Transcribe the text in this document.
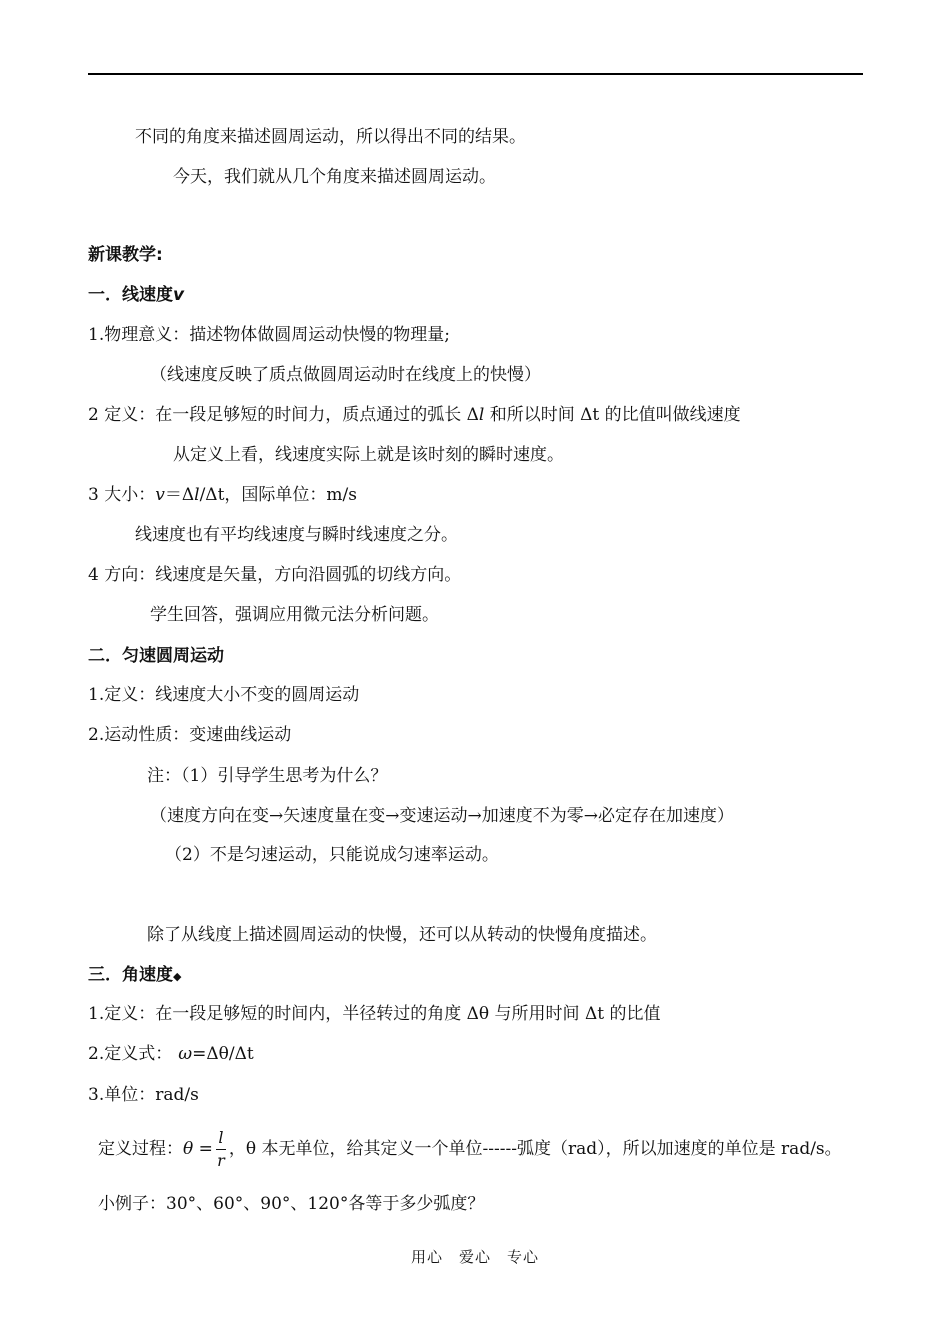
不同的角度来描述圆周运动，所以得出不同的结果。
今天，我们就从几个角度来描述圆周运动。
新课教学:
一．线速度v
1.物理意义：描述物体做圆周运动快慢的物理量;
（线速度反映了质点做圆周运动时在线度上的快慢）
2 定义：在一段足够短的时间力，质点通过的弧长 Δl 和所以时间 Δt 的比值叫做线速度
从定义上看，线速度实际上就是该时刻的瞬时速度。
3 大小：v＝Δl/Δt，国际单位：m/s
线速度也有平均线速度与瞬时线速度之分。
4 方向：线速度是矢量，方向沿圆弧的切线方向。
学生回答，强调应用微元法分析问题。
二．匀速圆周运动
1.定义：线速度大小不变的圆周运动
2.运动性质：变速曲线运动
注：（1）引导学生思考为什么？
（速度方向在变→矢速度量在变→变速运动→加速度不为零→必定存在加速度）
（2）不是匀速运动，只能说成匀速率运动。
除了从线度上描述圆周运动的快慢，还可以从转动的快慢角度描述。
三．角速度◆
1.定义：在一段足够短的时间内，半径转过的角度 Δθ 与所用时间 Δt 的比值
2.定义式： ω=Δθ/Δt
3.单位：rad/s
定义过程：$\theta = \frac{l}{r}$ ，θ 本无单位，给其定义一个单位------弧度（rad），所以加速度的单位是 rad/s。
小例子：30°、60°、90°、120°各等于多少弧度？
用心　爱心　专心
